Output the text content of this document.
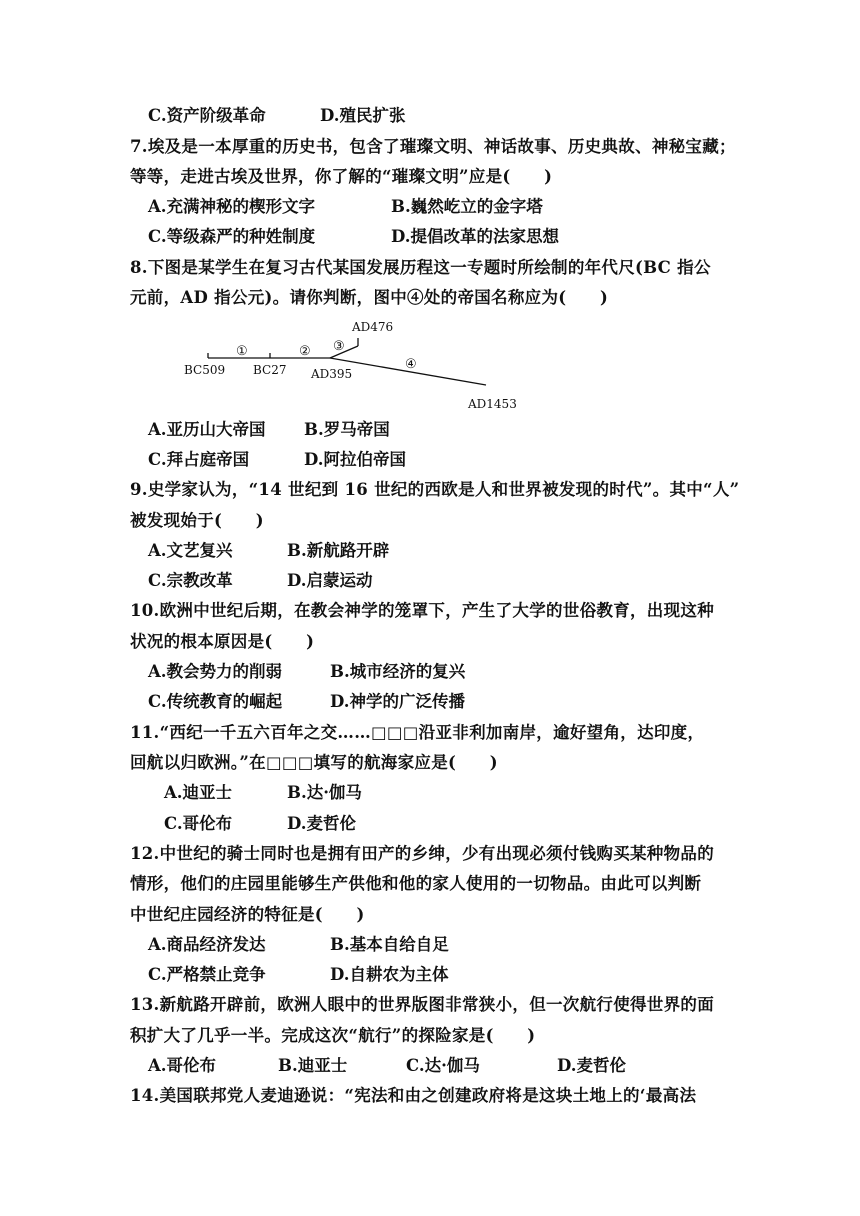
C.资产阶级革命	D.殖民扩张
7.埃及是一本厚重的历史书，包含了璀璨文明、神话故事、历史典故、神秘宝藏；
等等，走进古埃及世界，你了解的“璀璨文明”应是(　　)
A.充满神秘的楔形文字	B.巍然屹立的金字塔
C.等级森严的种姓制度	D.提倡改革的法家思想
8.下图是某学生在复习古代某国发展历程这一专题时所绘制的年代尺(BC 指公
元前，AD 指公元)。请你判断，图中④处的帝国名称应为(　　)
AD476
BC509 BC27 AD395
AD1453
①	② ③
④
A.亚历山大帝国 B.罗马帝国
C.拜占庭帝国	D.阿拉伯帝国
9.史学家认为，“14 世纪到 16 世纪的西欧是人和世界被发现的时代”。其中“人”
被发现始于(　　)
A.文艺复兴	B.新航路开辟
C.宗教改革	D.启蒙运动
10.欧洲中世纪后期，在教会神学的笼罩下，产生了大学的世俗教育，出现这种
状况的根本原因是(　　)
A.教会势力的削弱	B.城市经济的复兴
C.传统教育的崛起	D.神学的广泛传播
11.“西纪一千五六百年之交……□□□沿亚非利加南岸，逾好望角，达印度，
回航以归欧洲。”在□□□填写的航海家应是(　　)
A.迪亚士	B.达·伽马
C.哥伦布	D.麦哲伦
12.中世纪的骑士同时也是拥有田产的乡绅，少有出现必须付钱购买某种物品的
情形，他们的庄园里能够生产供他和他的家人使用的一切物品。由此可以判断
中世纪庄园经济的特征是(　　)
A.商品经济发达	B.基本自给自足
C.严格禁止竞争	D.自耕农为主体
13.新航路开辟前，欧洲人眼中的世界版图非常狭小，但一次航行使得世界的面
积扩大了几乎一半。完成这次“航行”的探险家是(　　)
A.哥伦布	B.迪亚士	C.达·伽马	D.麦哲伦
14.美国联邦党人麦迪逊说：“宪法和由之创建政府将是这块土地上的‘最高法
